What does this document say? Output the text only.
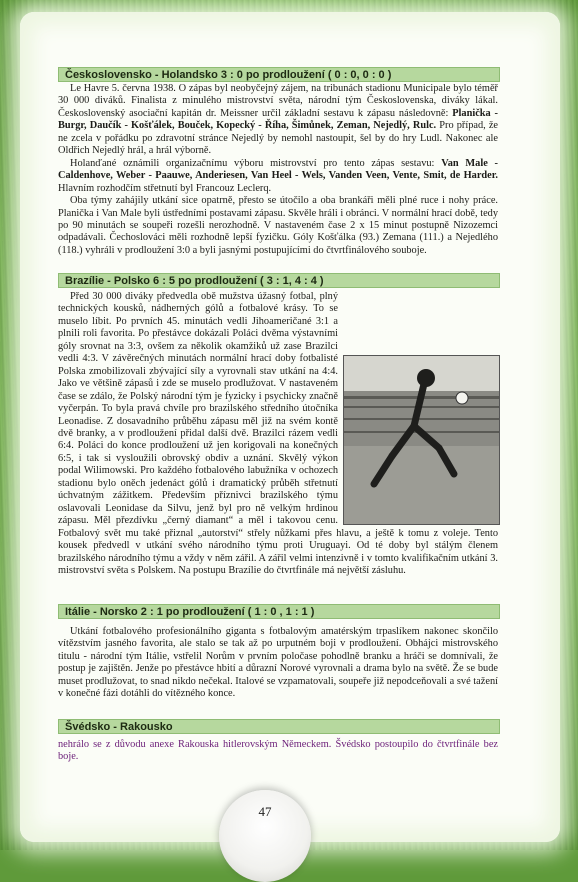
Československo - Holandsko 3 : 0 po prodloužení ( 0 : 0, 0 : 0 )
Le Havre 5. června 1938. O zápas byl neobyčejný zájem, na tribunách stadionu Municipale bylo téměř 30 000 diváků. Finalista z minulého mistrovství světa, národní tým Československa, diváky lákal. Československý asociační kapitán dr. Meissner určil základní sestavu k zápasu následovně: Planička - Burgr, Daučík - Košťálek, Bouček, Kopecký - Říha, Šimůnek, Zeman, Nejedlý, Rulc. Pro případ, že ne zcela v pořádku po zdravotní stránce Nejedlý by nemohl nastoupit, šel by do hry Ludl. Nakonec ale Oldřich Nejedlý hrál, a hrál výborně.
Holanďané oznámili organizačnímu výboru mistrovství pro tento zápas sestavu: Van Male - Caldenhove, Weber - Paauwe, Anderiesen, Van Heel - Wels, Vanden Veen, Vente, Smit, de Harder. Hlavním rozhodčím střetnutí byl Francouz Leclerq.
Oba týmy zahájily utkání sice opatrně, přesto se útočilo a oba brankáři měli plné ruce i nohy práce. Planička i Van Male byli ústředními postavami zápasu. Skvěle hráli i obránci. V normální hrací době, tedy po 90 minutách se soupeři rozešli nerozhodně. V nastaveném čase 2 x 15 minut postupně Nizozemci odpadávali. Čechoslováci měli rozhodně lepší fyzičku. Góly Košťálka (93.) Zemana (111.) a Nejedlého (118.) vyhráli v prodloužení 3:0 a byli jasnými postupujícími do čtvrtfinálového souboje.
Brazílie - Polsko 6 : 5 po prodloužení ( 3 : 1, 4 : 4 )
Před 30 000 diváky předvedla obě mužstva úžasný fotbal, plný technických kousků, nádherných gólů a fotbalové krásy. To se muselo líbit. Po prvních 45. minutách vedli Jihoameričané 3:1 a plnili roli favorita. Po přestávce dokázali Poláci dvěma výstavními góly srovnat na 3:3, ovšem za několik okamžiků už zase Brazilci vedli 4:3. V závěrečných minutách normální hrací doby fotbalisté Polska zmobilizovali zbývající síly a vyrovnali stav utkání na 4:4. Jako ve většině zápasů i zde se muselo prodlužovat. V nastaveném čase se zdálo, že Polský národní tým je fyzicky i psychicky značně vyčerpán. To byla pravá chvíle pro brazilského středního útočníka Leonadise. Z dosavadního průběhu zápasu měl již na svém kontě dvě branky, a v prodloužení přidal další dvě. Brazilci rázem vedli 6:4. Poláci do konce prodloužení už jen korigovali na konečných 6:5, i tak si vysloužili obrovský obdiv a uznání. Skvělý výkon podal Wilimowski. Pro každého fotbalového labužníka v ochozech stadionu bylo oněch jedenáct gólů i dramatický průběh střetnutí úchvatným zážitkem. Především příznivci brazilského týmu oslavovali Leonidase da Silvu, jenž byl pro ně velkým hrdinou zápasu. Měl přezdívku „černý diamant“ a měl i takovou cenu. Fotbalový svět mu také přiznal „autorství“ střely nůžkami přes hlavu, a ještě k tomu z voleje. Tento kousek předvedl v utkání svého národního týmu proti Uruguayi. Od té doby byl stálým členem brazilského národního týmu a vždy v něm zářil. A zářil velmi intenzivně i v tomto kvalifikačním utkání 3. mistrovství světa s Polskem. Na postupu Brazílie do čtvrtfinále má největší zásluhu.
Itálie - Norsko 2 : 1 po prodloužení ( 1 : 0 , 1 : 1 )
Utkání fotbalového profesionálního giganta s fotbalovým amatérským trpaslíkem nakonec skončilo vítězstvím jasného favorita, ale stalo se tak až po urputném boji v prodloužení. Obhájci mistrovského titulu - národní tým Itálie, vstřelil Norům v prvním poločase pohodlně branku a hráči se domnívali, že postup je zajištěn. Jenže po přestávce hbití a důrazní Norové vyrovnali a drama bylo na světě. Že se bude muset prodlužovat, to snad nikdo nečekal. Italové se vzpamatovali, soupeře již nepodceňovali a své tažení v konečné fázi dotáhli do vítězného konce.
Švédsko - Rakousko
nehrálo se z důvodu anexe Rakouska hitlerovským Německem. Švédsko postoupilo do čtvrtfinále bez boje.
47
